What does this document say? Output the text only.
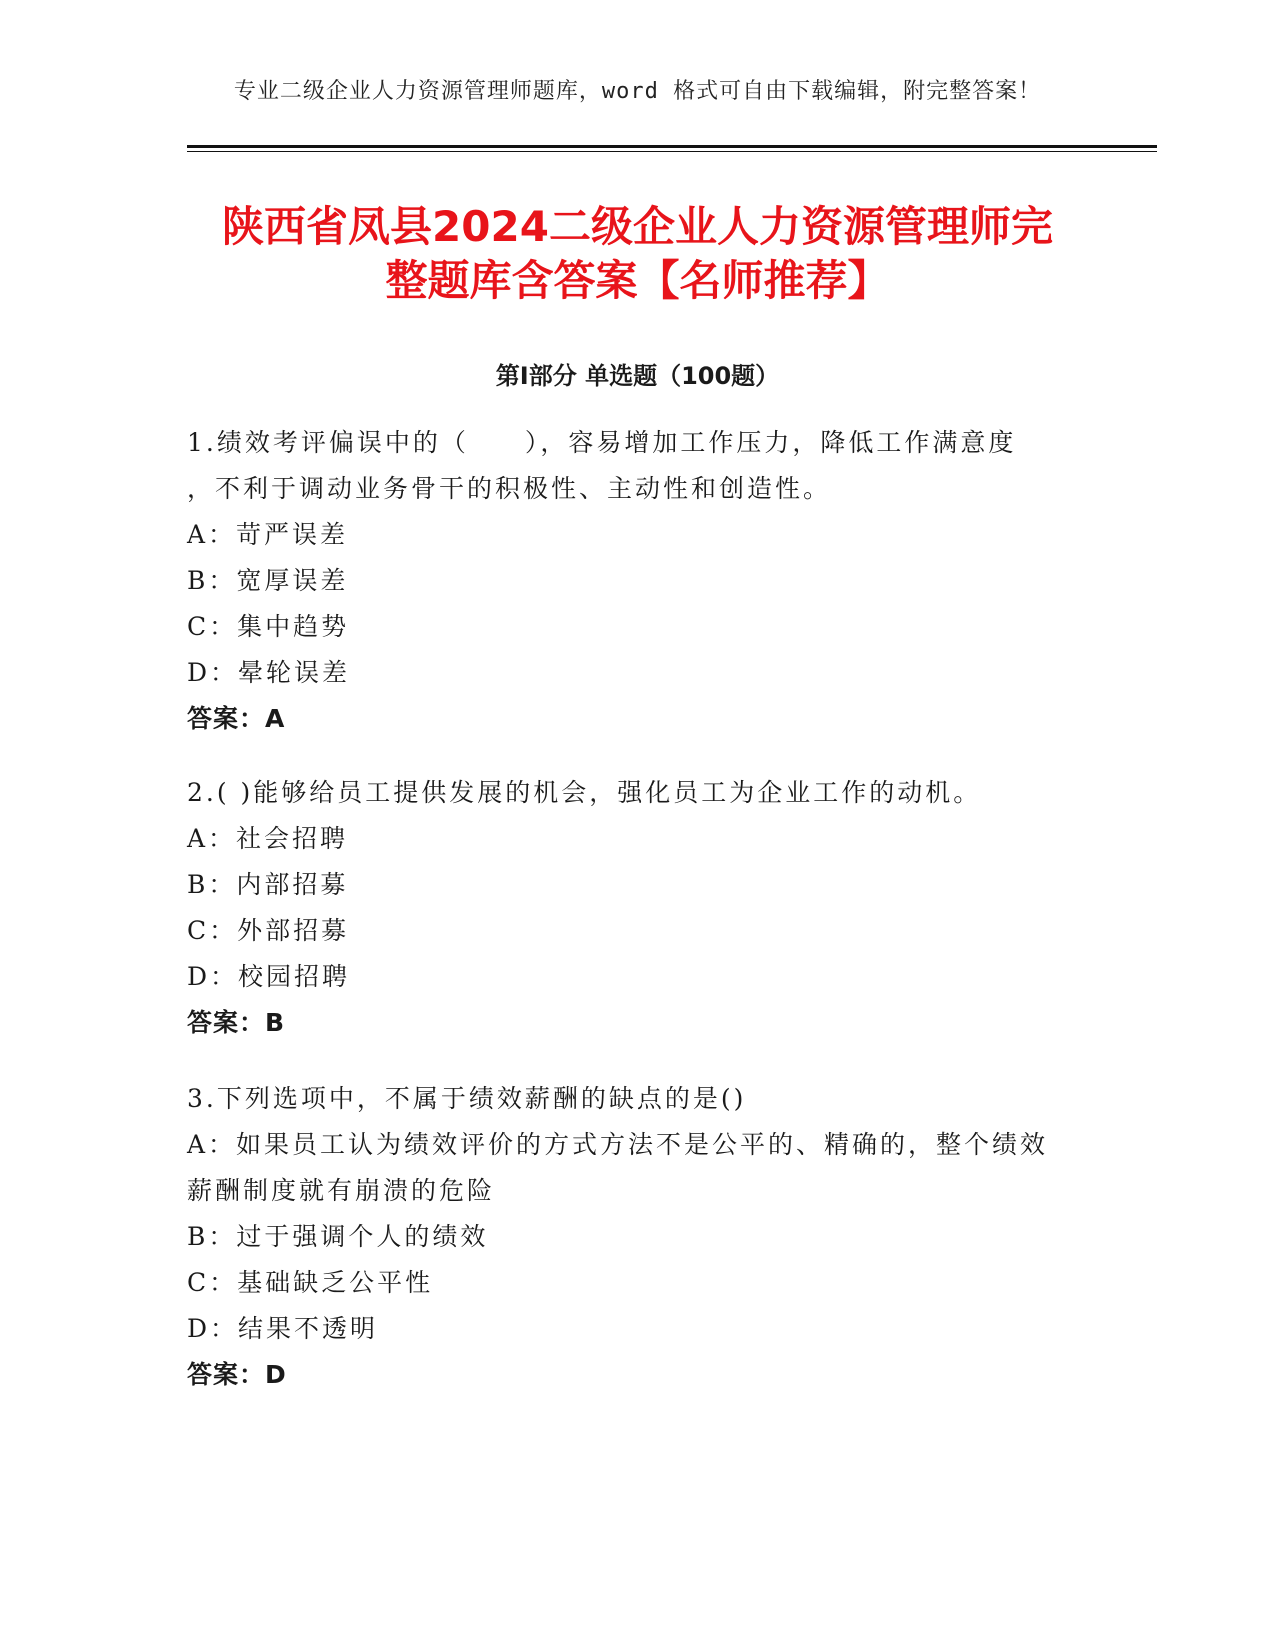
专业二级企业人力资源管理师题库，word 格式可自由下载编辑，附完整答案！
陕西省凤县2024二级企业人力资源管理师完
整题库含答案【名师推荐】
第Ⅰ部分 单选题（100题）
1.绩效考评偏误中的（　　），容易增加工作压力，降低工作满意度
，不利于调动业务骨干的积极性、主动性和创造性。
A：苛严误差
B：宽厚误差
C：集中趋势
D：晕轮误差
答案：A
2.( )能够给员工提供发展的机会，强化员工为企业工作的动机。
A：社会招聘
B：内部招募
C：外部招募
D：校园招聘
答案：B
3.下列选项中，不属于绩效薪酬的缺点的是()
A：如果员工认为绩效评价的方式方法不是公平的、精确的，整个绩效
薪酬制度就有崩溃的危险
B：过于强调个人的绩效
C：基础缺乏公平性
D：结果不透明
答案：D
